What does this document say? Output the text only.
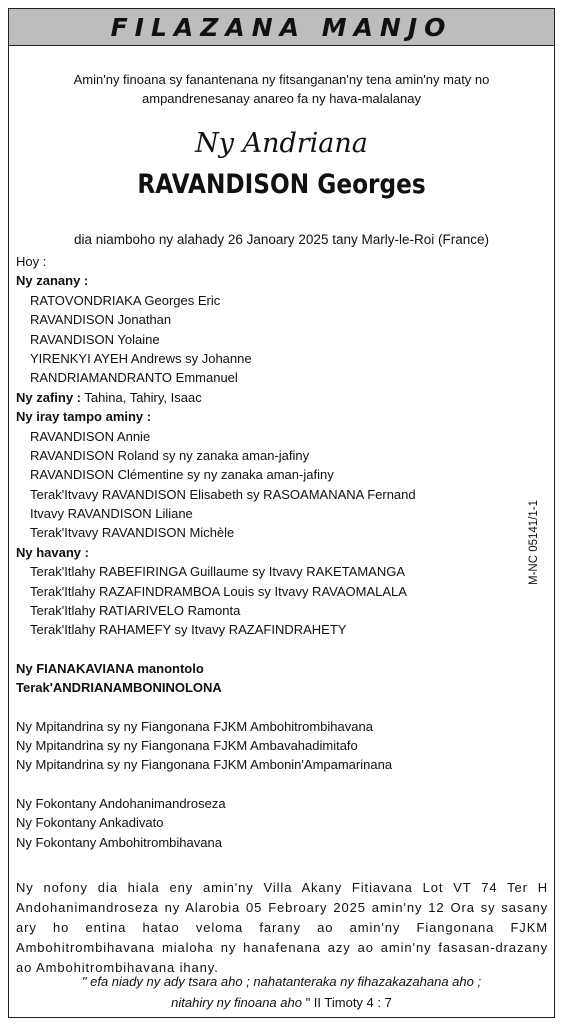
FILAZANA MANJO
Amin'ny finoana sy fanantenana ny fitsanganan'ny tena amin'ny maty no ampandrenesanay anareo fa ny hava-malalanay
Ny Andriana
RAVANDISON Georges
dia niamboho ny alahady 26 Janoary 2025 tany Marly-le-Roi (France)
M-NC 05141/1-1
Hoy :
Ny zanany :
RATOVONDRIAKA Georges Eric
RAVANDISON Jonathan
RAVANDISON Yolaine
YIRENKYI AYEH Andrews sy Johanne
RANDRIAMANDRANTO Emmanuel
Ny zafiny : Tahina, Tahiry, Isaac
Ny iray tampo aminy :
RAVANDISON Annie
RAVANDISON Roland sy ny zanaka aman-jafiny
RAVANDISON Clémentine sy ny zanaka aman-jafiny
Terak'Itvavy RAVANDISON Elisabeth sy RASOAMANANA Fernand
Itvavy RAVANDISON Liliane
Terak'Itvavy RAVANDISON Michèle
Ny havany :
Terak'Itlahy RABEFIRINGA Guillaume sy Itvavy RAKETAMANGA
Terak'Itlahy RAZAFINDRAMBOA Louis sy Itvavy RAVAOMALALA
Terak'Itlahy RATIARIVELO Ramonta
Terak'Itlahy RAHAMEFY sy Itvavy RAZAFINDRAHETY
Ny FIANAKAVIANA manontolo
Terak'ANDRIANAMBONINOLONA
Ny Mpitandrina sy ny Fiangonana FJKM Ambohitrombihavana
Ny Mpitandrina sy ny Fiangonana FJKM Ambavahadimitafo
Ny Mpitandrina sy ny Fiangonana FJKM Ambonin'Ampamarinana
Ny Fokontany Andohanimandroseza
Ny Fokontany Ankadivato
Ny Fokontany Ambohitrombihavana
Ny nofony dia hiala eny amin'ny Villa Akany Fitiavana Lot VT 74 Ter H Andohanimandroseza ny Alarobia 05 Febroary 2025 amin'ny 12 Ora sy sasany ary ho entina hatao veloma farany ao amin'ny Fiangonana FJKM Ambohitrombihavana mialoha ny hanafenana azy ao amin'ny fasasan-drazany ao Ambohitrombihavana ihany.
" efa niady ny ady tsara aho ; nahatanteraka ny fihazakazahana aho ;
nitahiry ny finoana aho " II Timoty 4 : 7
